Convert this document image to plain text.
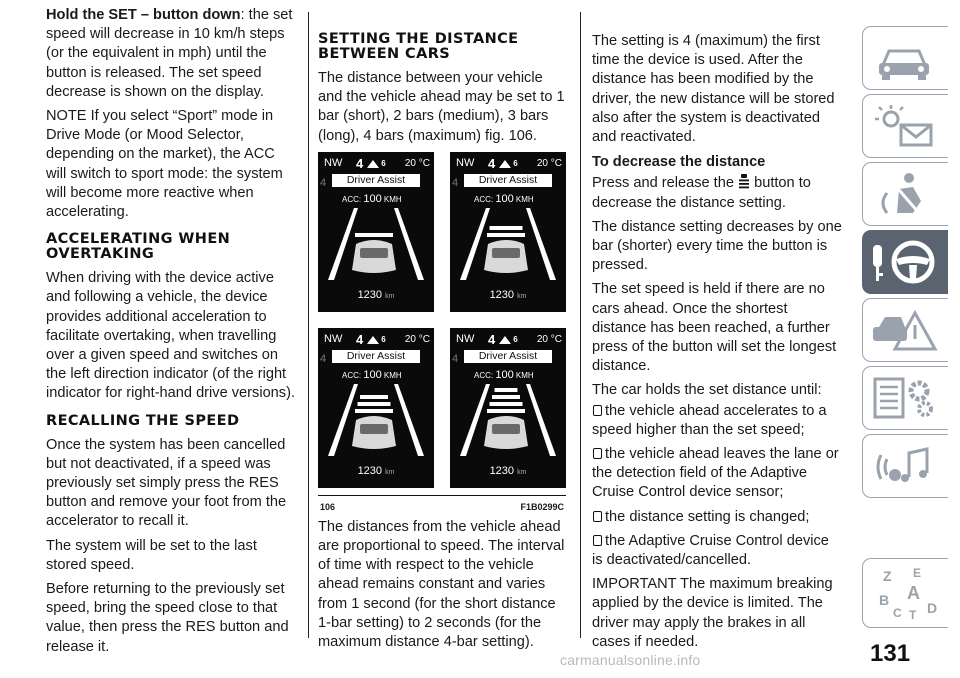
Hold the SET – button down: the set speed will decrease in 10 km/h steps (or the equivalent in mph) until the button is released. The set speed decrease is shown on the display.

NOTE If you select “Sport” mode in Drive Mode (or Mood Selector, depending on the market), the ACC will switch to sport mode: the system will become more reactive when accelerating.

ACCELERATING WHEN OVERTAKING

When driving with the device active and following a vehicle, the device provides additional acceleration to facilitate overtaking, when travelling over a given speed and switches on the left direction indicator (of the right indicator for right-hand drive versions).

RECALLING THE SPEED

Once the system has been cancelled but not deactivated, if a speed was previously set simply press the RES button and remove your foot from the accelerator to recall it.

The system will be set to the last stored speed.

Before returning to the previously set speed, bring the speed close to that value, then press the RES button and release it.

SETTING THE DISTANCE BETWEEN CARS

The distance between your vehicle and the vehicle ahead may be set to 1 bar (short), 2 bars (medium), 3 bars (long), 4 bars (maximum) fig. 106.

NW	4 6 20 °C
4	Driver Assist
ACC: 100 KMH
1230 km
NW	4 6 20 °C
4	Driver Assist
ACC: 100 KMH
1230 km
NW	4 6 20 °C
4	Driver Assist
ACC: 100 KMH
1230 km
NW	4 6 20 °C
4	Driver Assist
ACC: 100 KMH
1230 km
106	F1B0299C

The distances from the vehicle ahead are proportional to speed. The interval of time with respect to the vehicle ahead remains constant and varies from 1 second (for the short distance 1-bar setting) to 2 seconds (for the maximum distance 4-bar setting).

The setting is 4 (maximum) the first time the device is used. After the distance has been modified by the driver, the new distance will be stored also after the system is deactivated and reactivated.

To decrease the distance

Press and release the button to decrease the distance setting.

The distance setting decreases by one bar (shorter) every time the button is pressed.

The set speed is held if there are no cars ahead. Once the shortest distance has been reached, a further press of the button will set the longest distance.

The car holds the set distance until:

the vehicle ahead accelerates to a speed higher than the set speed;

the vehicle ahead leaves the lane or the detection field of the Adaptive Cruise Control device sensor;

the distance setting is changed;

the Adaptive Cruise Control device is deactivated/cancelled.

IMPORTANT The maximum breaking applied by the device is limited. The driver may apply the brakes in all cases if needed.

Z E
B A
C T D
carmanualsonline.info	131
